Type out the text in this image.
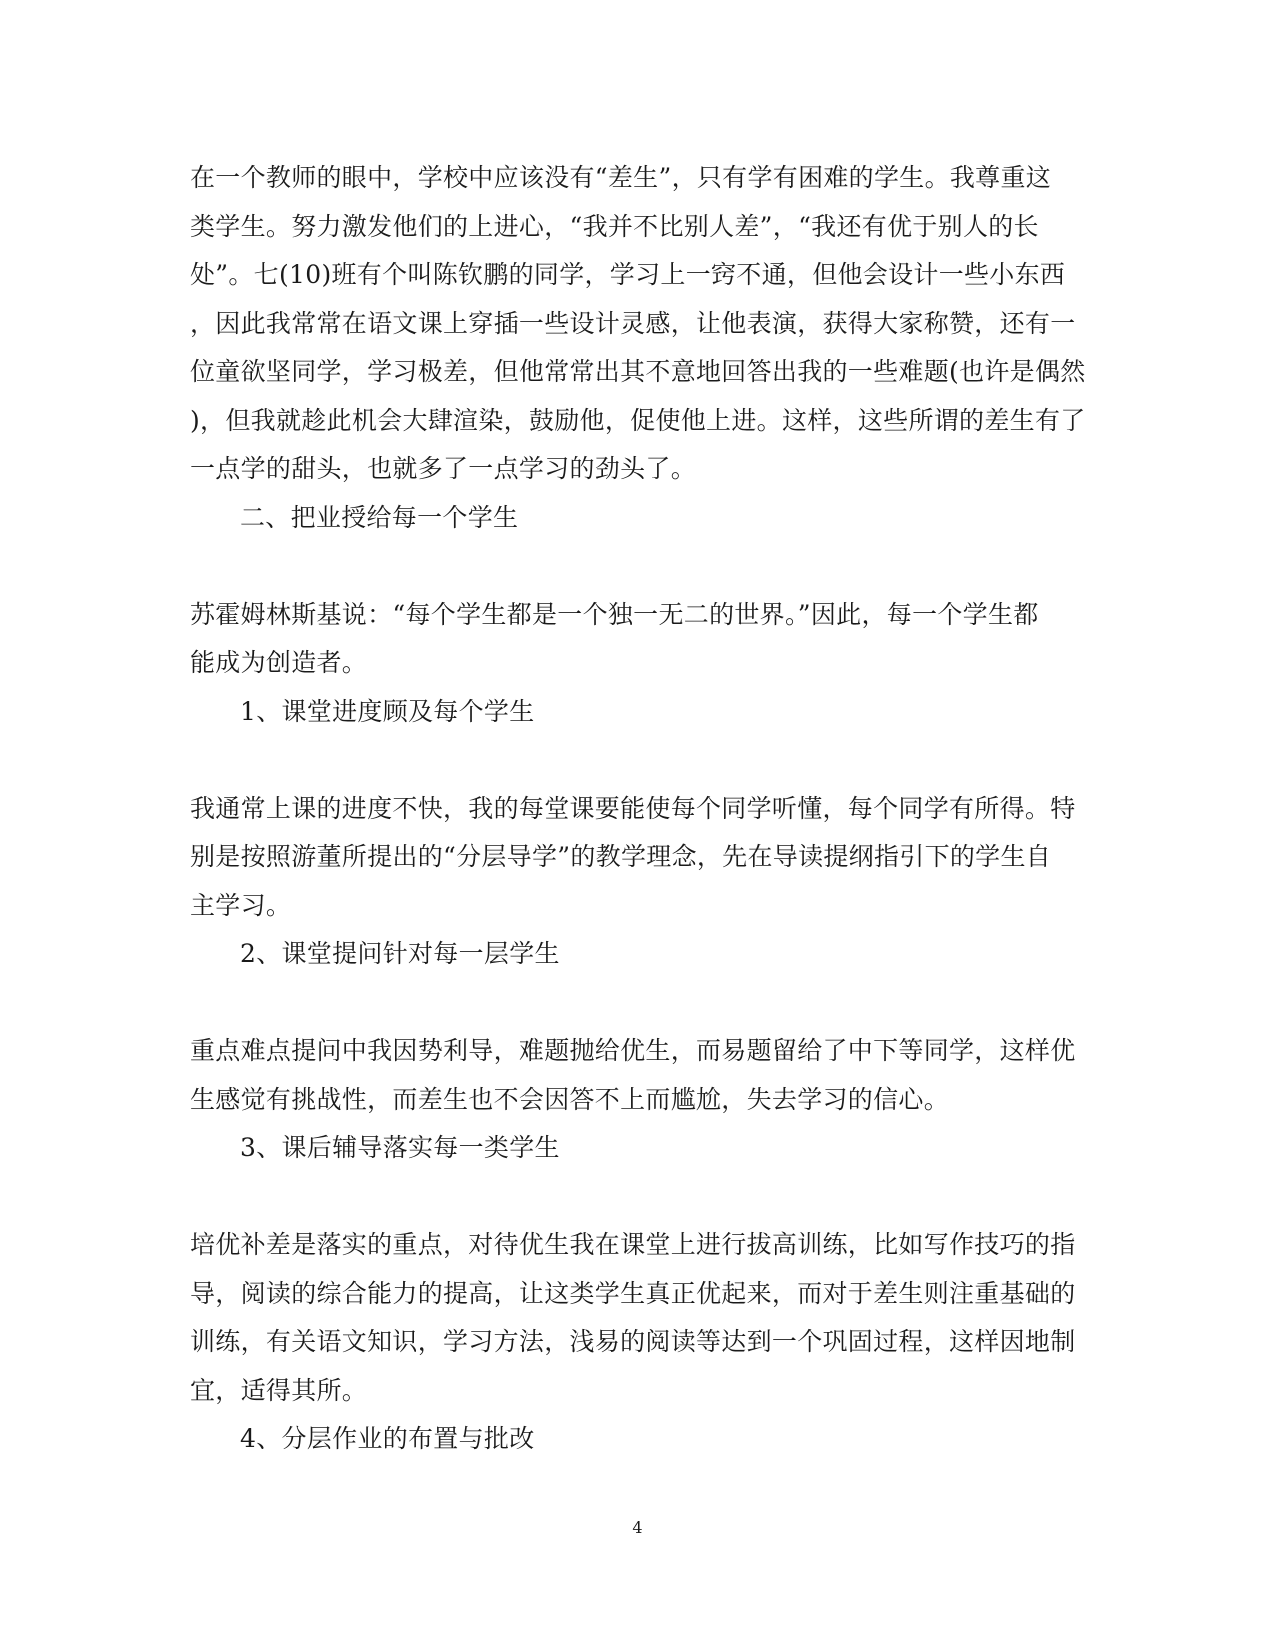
在一个教师的眼中，学校中应该没有“差生”，只有学有困难的学生。我尊重这
类学生。努力激发他们的上进心，“我并不比别人差”，“我还有优于别人的长
处”。七(10)班有个叫陈钦鹏的同学，学习上一窍不通，但他会设计一些小东西
，因此我常常在语文课上穿插一些设计灵感，让他表演，获得大家称赞，还有一
位童欲坚同学，学习极差，但他常常出其不意地回答出我的一些难题(也许是偶然
)，但我就趁此机会大肆渲染，鼓励他，促使他上进。这样，这些所谓的差生有了
一点学的甜头，也就多了一点学习的劲头了。
二、把业授给每一个学生
苏霍姆林斯基说：“每个学生都是一个独一无二的世界。”因此，每一个学生都
能成为创造者。
1、课堂进度顾及每个学生
我通常上课的进度不快，我的每堂课要能使每个同学听懂，每个同学有所得。特
别是按照游董所提出的“分层导学”的教学理念，先在导读提纲指引下的学生自
主学习。
2、课堂提问针对每一层学生
重点难点提问中我因势利导，难题抛给优生，而易题留给了中下等同学，这样优
生感觉有挑战性，而差生也不会因答不上而尴尬，失去学习的信心。
3、课后辅导落实每一类学生
培优补差是落实的重点，对待优生我在课堂上进行拔高训练，比如写作技巧的指
导，阅读的综合能力的提高，让这类学生真正优起来，而对于差生则注重基础的
训练，有关语文知识，学习方法，浅易的阅读等达到一个巩固过程，这样因地制
宜，适得其所。
4、分层作业的布置与批改
4
